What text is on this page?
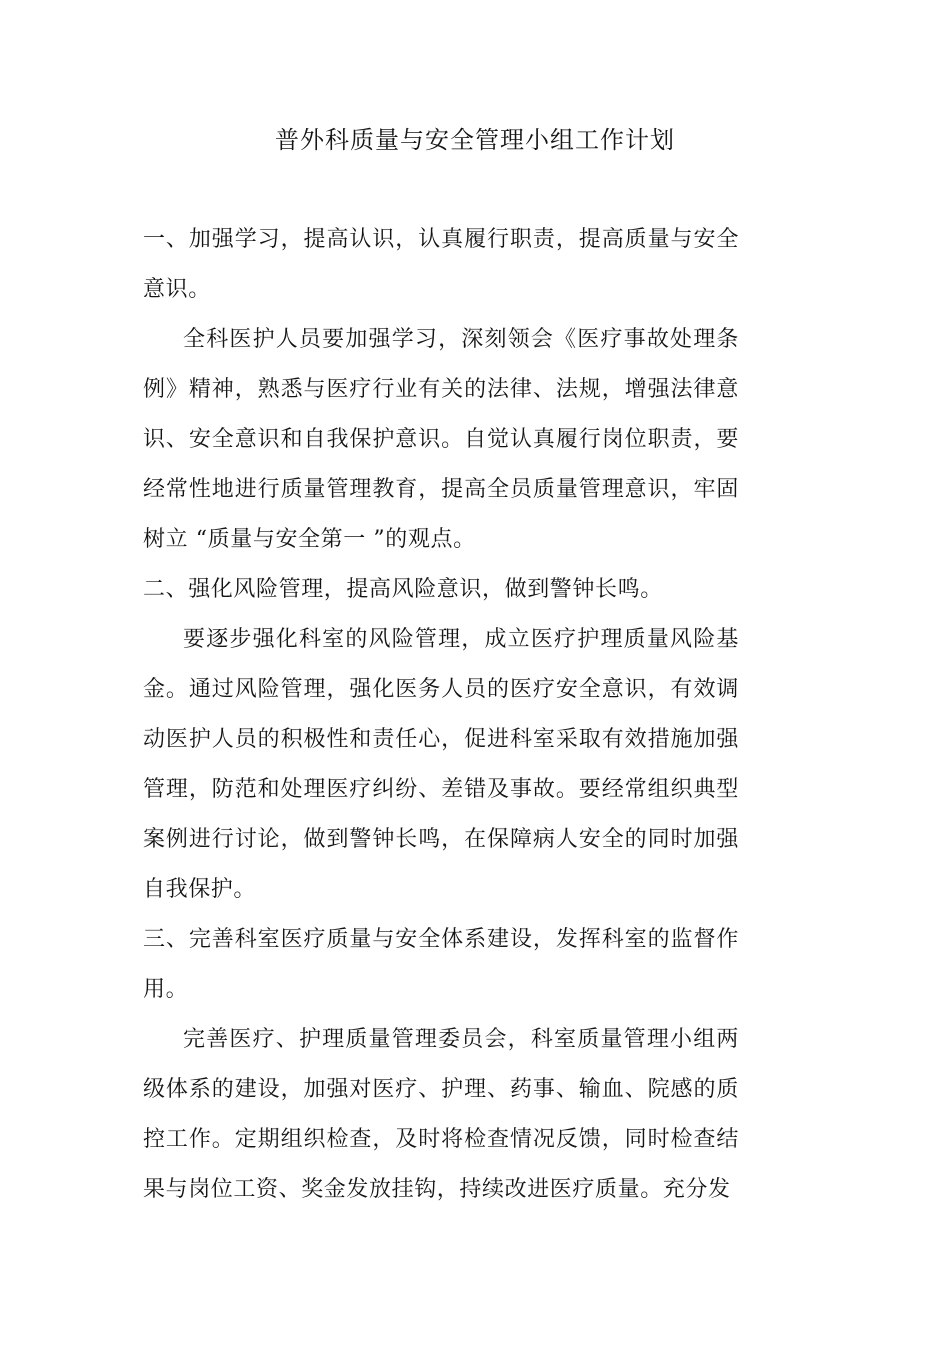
普外科质量与安全管理小组工作计划

一、加强学习，提高认识，认真履行职责，提高质量与安全意识。

全科医护人员要加强学习，深刻领会《医疗事故处理条例》精神，熟悉与医疗行业有关的法律、法规，增强法律意识、安全意识和自我保护意识。自觉认真履行岗位职责，要经常性地进行质量管理教育，提高全员质量管理意识，牢固树立 “质量与安全第一 ”的观点。

二、强化风险管理，提高风险意识，做到警钟长鸣。

要逐步强化科室的风险管理，成立医疗护理质量风险基金。通过风险管理，强化医务人员的医疗安全意识，有效调动医护人员的积极性和责任心，促进科室采取有效措施加强管理，防范和处理医疗纠纷、差错及事故。要经常组织典型案例进行讨论，做到警钟长鸣，在保障病人安全的同时加强自我保护。

三、完善科室医疗质量与安全体系建设，发挥科室的监督作用。

完善医疗、护理质量管理委员会，科室质量管理小组两级体系的建设，加强对医疗、护理、药事、输血、院感的质控工作。定期组织检查，及时将检查情况反馈，同时检查结果与岗位工资、奖金发放挂钩，持续改进医疗质量。充分发
